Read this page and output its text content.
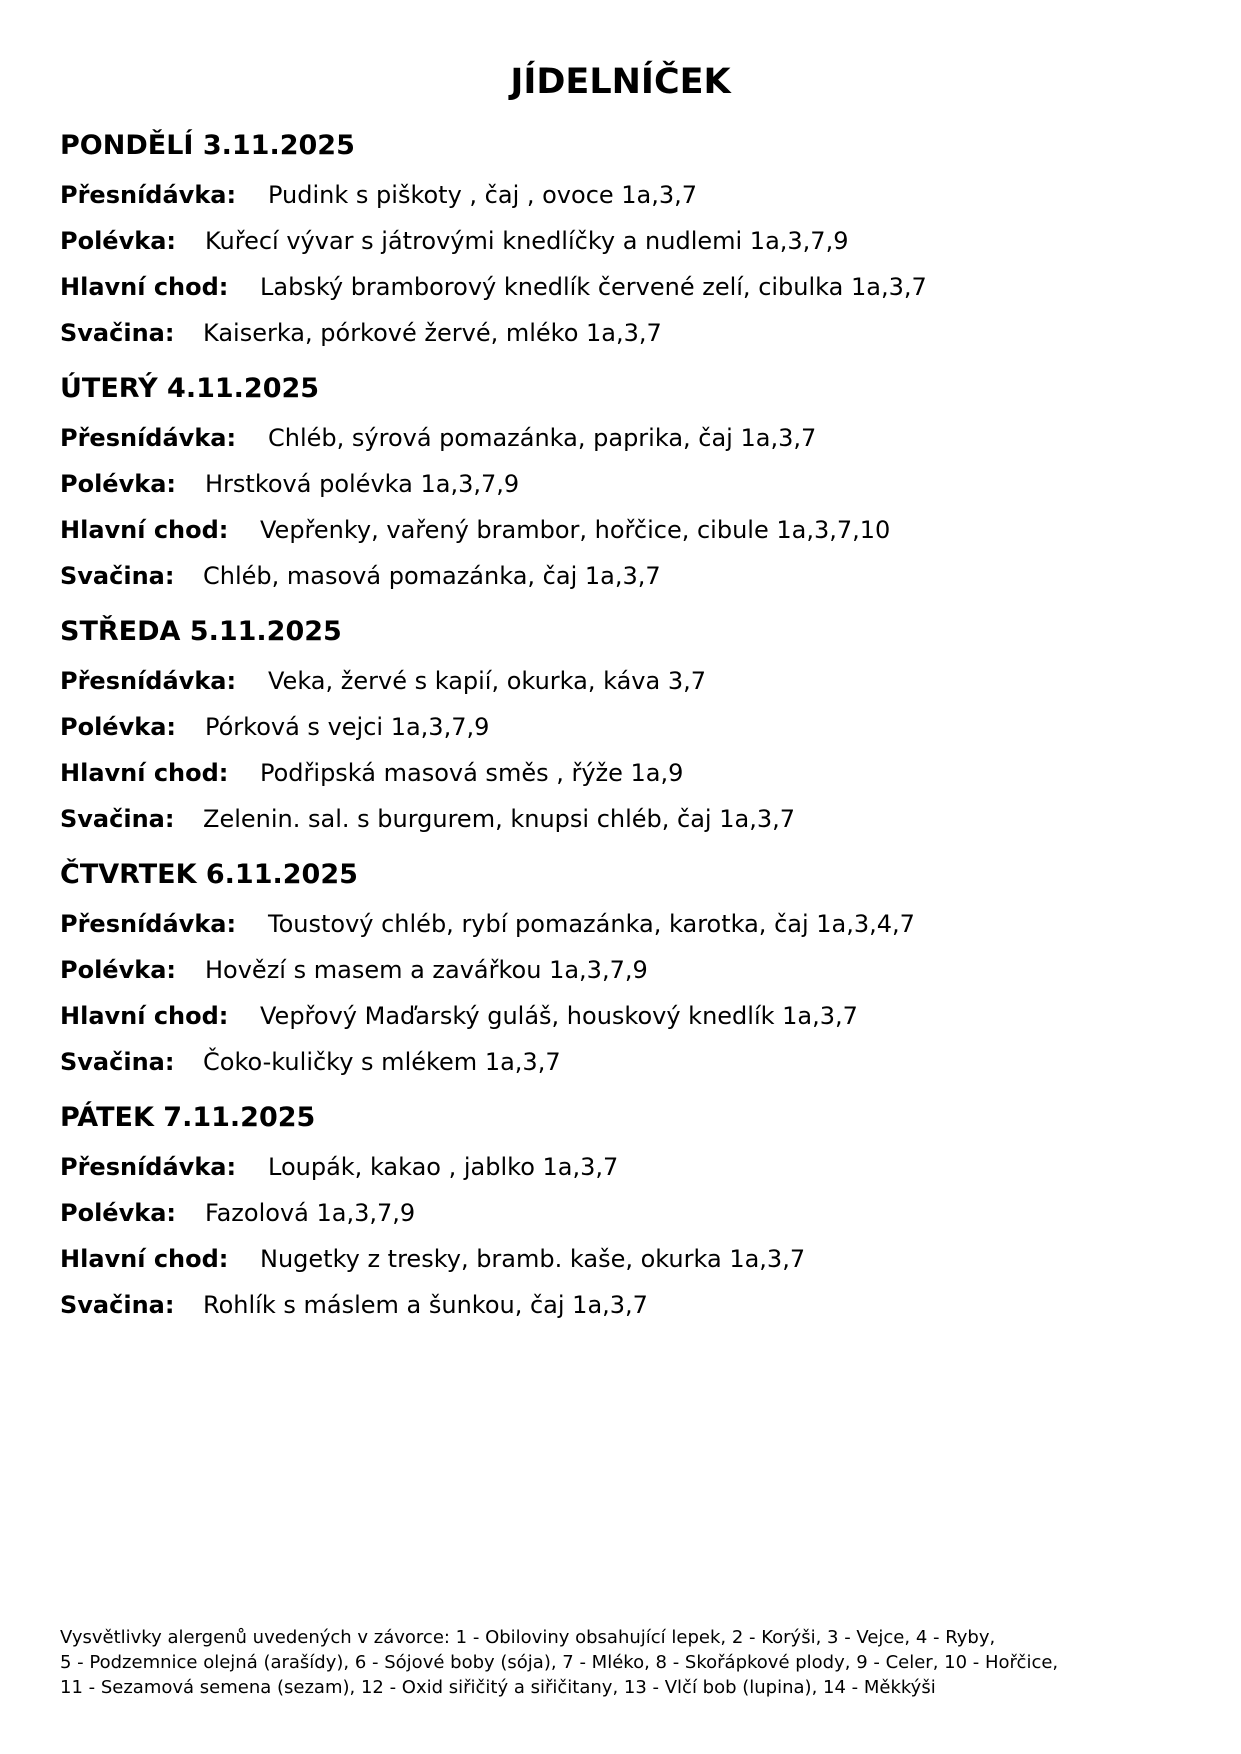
JÍDELNÍČEK
PONDĚLÍ 3.11.2025
Přesnídávka: Pudink s piškoty , čaj , ovoce 1a,3,7
Polévka: Kuřecí vývar s játrovými knedlíčky a nudlemi 1a,3,7,9
Hlavní chod: Labský bramborový knedlík červené zelí, cibulka 1a,3,7
Svačina: Kaiserka, pórkové žervé, mléko 1a,3,7
ÚTERÝ 4.11.2025
Přesnídávka: Chléb, sýrová pomazánka, paprika, čaj 1a,3,7
Polévka: Hrstková polévka 1a,3,7,9
Hlavní chod: Vepřenky, vařený brambor, hořčice, cibule 1a,3,7,10
Svačina: Chléb, masová pomazánka, čaj 1a,3,7
STŘEDA 5.11.2025
Přesnídávka: Veka, žervé s kapií, okurka, káva 3,7
Polévka: Pórková s vejci 1a,3,7,9
Hlavní chod: Podřipská masová směs , řýže 1a,9
Svačina: Zelenin. sal. s burgurem, knupsi chléb, čaj 1a,3,7
ČTVRTEK 6.11.2025
Přesnídávka: Toustový chléb, rybí pomazánka, karotka, čaj 1a,3,4,7
Polévka: Hovězí s masem a zavářkou 1a,3,7,9
Hlavní chod: Vepřový Maďarský guláš, houskový knedlík 1a,3,7
Svačina: Čoko-kuličky s mlékem 1a,3,7
PÁTEK 7.11.2025
Přesnídávka: Loupák, kakao , jablko 1a,3,7
Polévka: Fazolová 1a,3,7,9
Hlavní chod: Nugetky z tresky, bramb. kaše, okurka 1a,3,7
Svačina: Rohlík s máslem a šunkou, čaj 1a,3,7
Vysvětlivky alergenů uvedených v závorce: 1 - Obiloviny obsahující lepek, 2 - Korýši, 3 - Vejce, 4 - Ryby,
5 - Podzemnice olejná (arašídy), 6 - Sójové boby (sója), 7 - Mléko, 8 - Skořápkové plody, 9 - Celer, 10 - Hořčice,
11 - Sezamová semena (sezam), 12 - Oxid siřičitý a siřičitany, 13 - Vlčí bob (lupina), 14 - Měkkýši
